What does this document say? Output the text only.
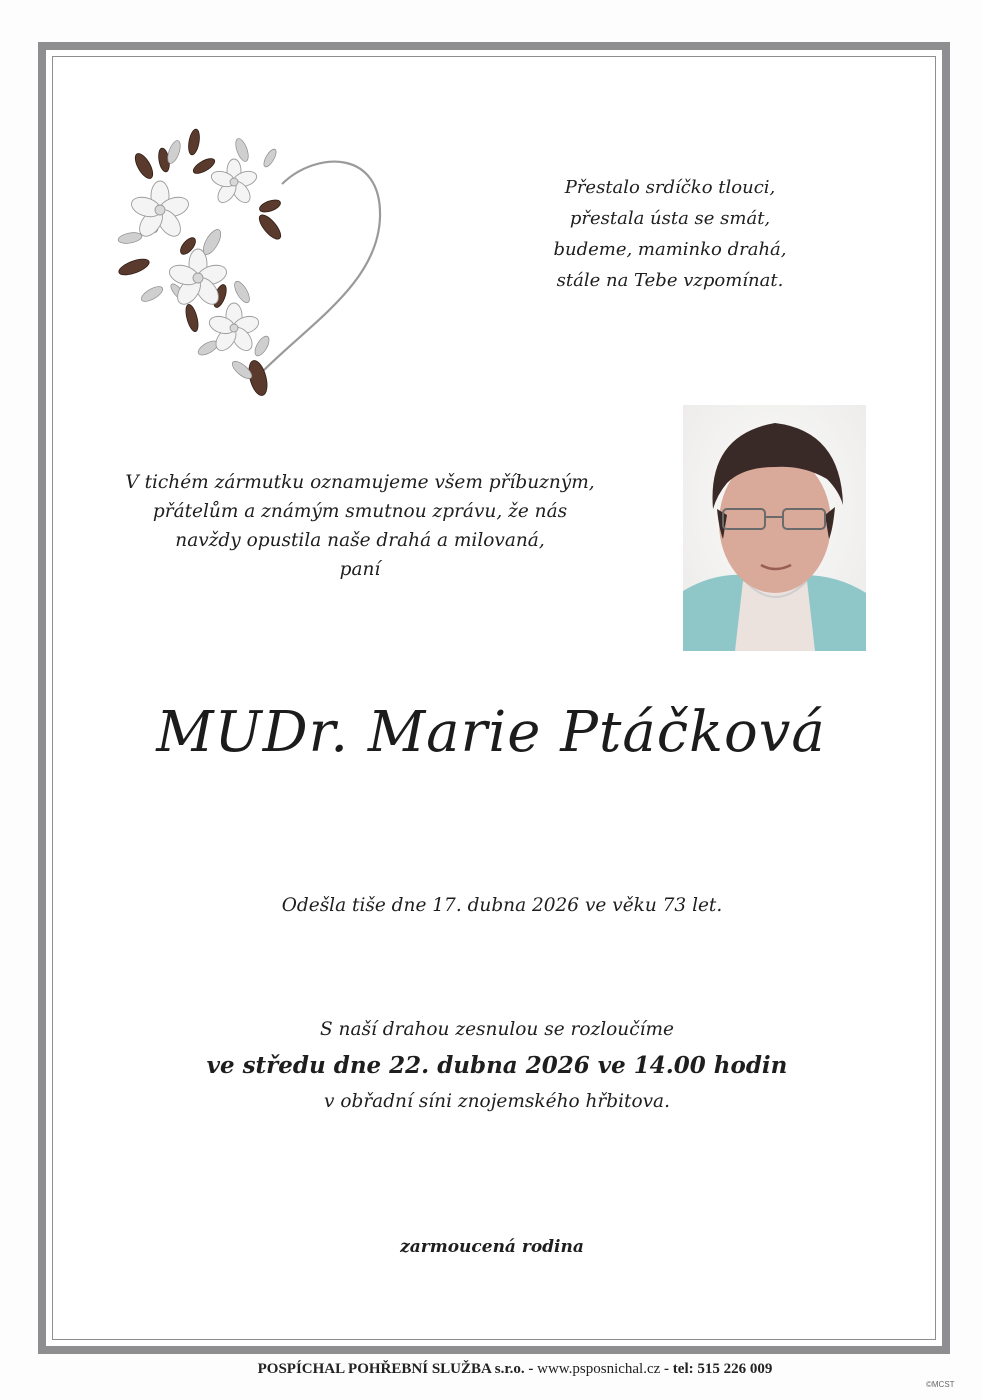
Přestalo srdíčko tlouci,
přestala ústa se smát,
budeme, maminko drahá,
stále na Tebe vzpomínat.
V tichém zármutku oznamujeme všem příbuzným,
přátelům a známým smutnou zprávu, že nás
navždy opustila naše drahá a milovaná,
paní
MUDr. Marie Ptáčková
Odešla tiše dne 17. dubna 2026 ve věku 73 let.
S naší drahou zesnulou se rozloučíme
ve středu dne 22. dubna 2026 ve 14.00 hodin
v obřadní síni znojemského hřbitova.
zarmoucená rodina
POSPÍCHAL POHŘEBNÍ SLUŽBA s.r.o. - www.psposnichal.cz - tel: 515 226 009
©MCST
